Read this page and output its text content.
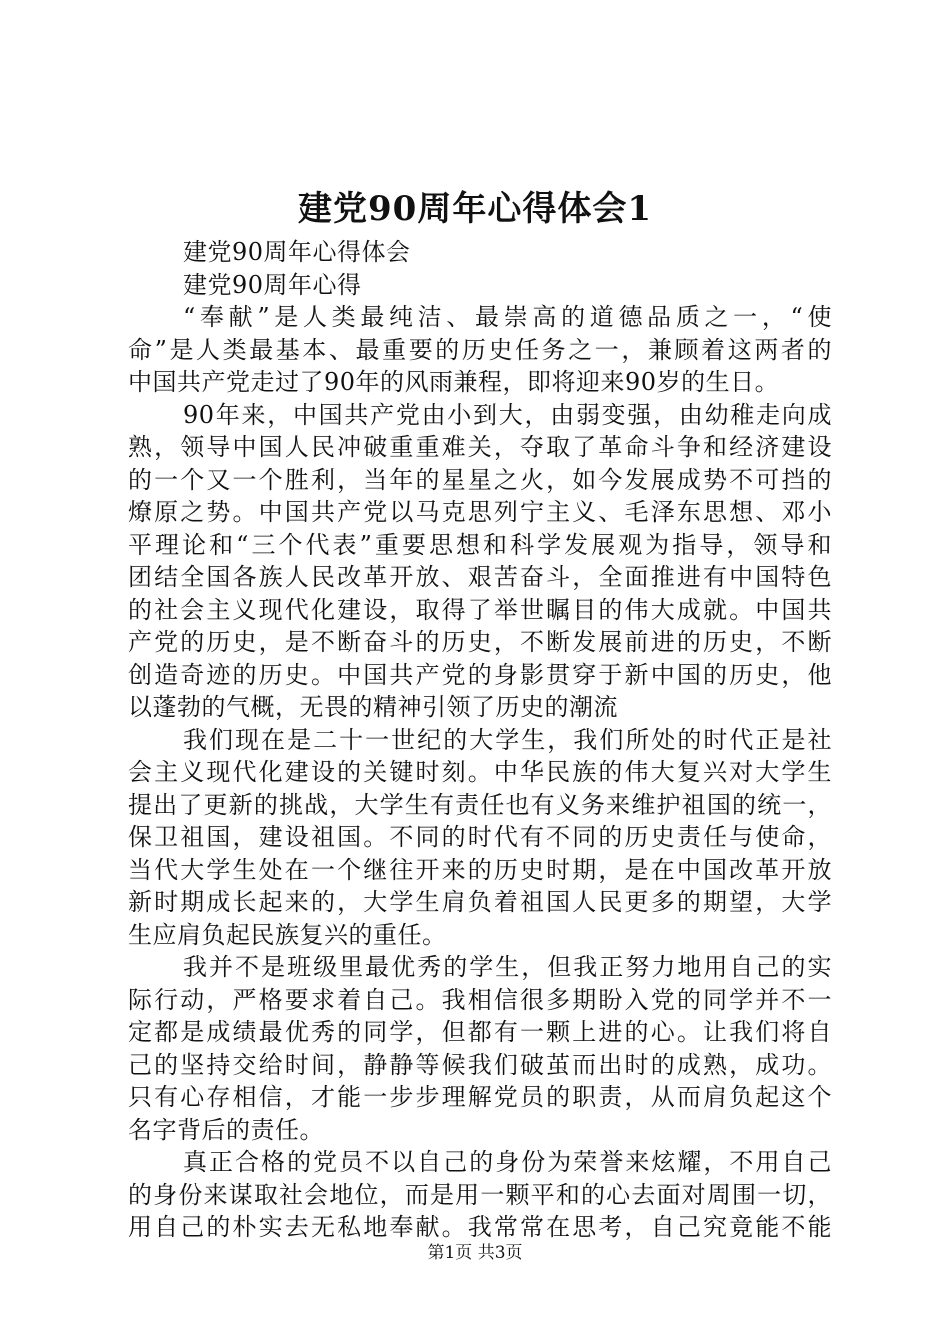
建党90周年心得体会1
建党90周年心得体会
建党90周年心得
“奉献”是人类最纯洁、最崇高的道德品质之一，“使
命”是人类最基本、最重要的历史任务之一，兼顾着这两者的
中国共产党走过了90年的风雨兼程，即将迎来90岁的生日。
90年来，中国共产党由小到大，由弱变强，由幼稚走向成
熟，领导中国人民冲破重重难关，夺取了革命斗争和经济建设
的一个又一个胜利，当年的星星之火，如今发展成势不可挡的
燎原之势。中国共产党以马克思列宁主义、毛泽东思想、邓小
平理论和“三个代表”重要思想和科学发展观为指导，领导和
团结全国各族人民改革开放、艰苦奋斗，全面推进有中国特色
的社会主义现代化建设，取得了举世瞩目的伟大成就。中国共
产党的历史，是不断奋斗的历史，不断发展前进的历史，不断
创造奇迹的历史。中国共产党的身影贯穿于新中国的历史，他
以蓬勃的气概，无畏的精神引领了历史的潮流
我们现在是二十一世纪的大学生，我们所处的时代正是社
会主义现代化建设的关键时刻。中华民族的伟大复兴对大学生
提出了更新的挑战，大学生有责任也有义务来维护祖国的统一，
保卫祖国，建设祖国。不同的时代有不同的历史责任与使命，
当代大学生处在一个继往开来的历史时期，是在中国改革开放
新时期成长起来的，大学生肩负着祖国人民更多的期望，大学
生应肩负起民族复兴的重任。
我并不是班级里最优秀的学生，但我正努力地用自己的实
际行动，严格要求着自己。我相信很多期盼入党的同学并不一
定都是成绩最优秀的同学，但都有一颗上进的心。让我们将自
己的坚持交给时间，静静等候我们破茧而出时的成熟，成功。
只有心存相信，才能一步步理解党员的职责，从而肩负起这个
名字背后的责任。
真正合格的党员不以自己的身份为荣誉来炫耀，不用自己
的身份来谋取社会地位，而是用一颗平和的心去面对周围一切，
用自己的朴实去无私地奉献。我常常在思考，自己究竟能不能
第1页 共3页
